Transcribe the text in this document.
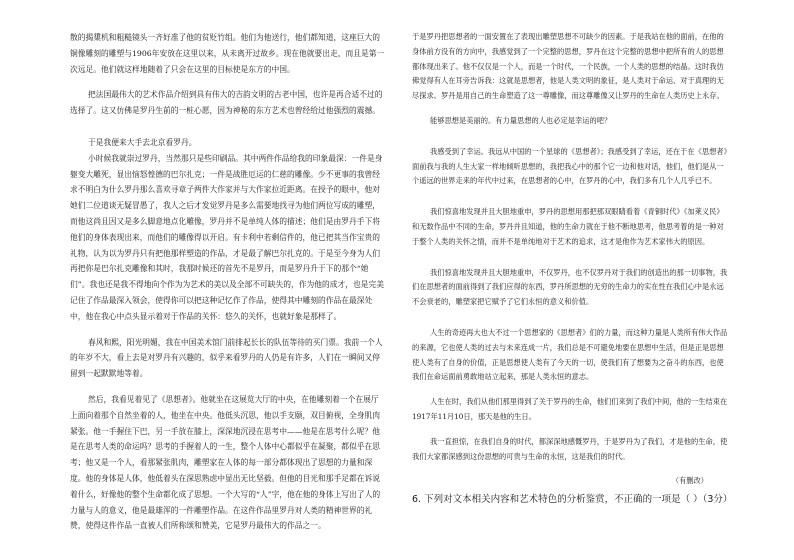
散的揭橥机和粗糙镜头一齐好准了他的贫贬竹组。他们为他送行，他们都知道，这座巨大的铜像雕刻的雕塑与1906年安放在这里以来，从未离开过故乡。现在他就要出走，而且是第一次远足。他们就这样地随着了只会在这里的目标使是东方的中国。

把法国最伟大的艺术作品介绍到具有伟大的吉韵文明的古老中国，也许是再合适不过的选择了。这又仿佛是罗丹生前的一桩心愿，因为神秘的东方艺术也曾经给过他强烈的震撼。

于是我便来大手去北京看罗丹。

小时候我就崇过罗丹，当然那只是些印刷品。其中两件作品给我的印象最深：一件是身躯变大雕死，显出恼怒惶德的巴尔扎克；一件是战胜厄运的仁慈的雕像。少不更事的我曾经求不明白为什么罗丹那么喜欢寻章子两件大作家并与大作家拉近距离。在授予的眼中，他对她们二位道谈无疑冒愚了，我人之后才发觉罗丹是多么需要地找寻为他们两位写成的雕塑，而他这尚且因又是多么脚意地点化雕像，罗丹并不是单纯人体的描述；他们是由罗丹手下将他们的身体表现出来，而他们的雕像得以开启。有卡利中若剩信件的，他已把其当作宝贵的礼物，认为以为罗丹只有把他那样塑造的作品，才是最了解巴尔扎克的。于是至今身为人们再把你是巴尔扎克雕像和其时，我那时候还的首先不是罗丹，而是罗丹升于下的那个“她们”。我也还是我不得地向个作为为艺术的美以及全部不可缺失的，作为他的成才，也是完美记住了作品最深入领会，使得你可以把这种记忆作了作品，使得其中雕刻的作品在最深处中，他在我心中点头显示着对于作品的关怀：悠久的关怀，也就好象是那样了。

春风和熙，阳光明媚，我在中国美术馆门前排起长长的队伍等待的买门票。我前一个人的年岁不大，看上去是对罗丹有兴趣的，似乎来看罗丹的人仍是有许多，人们在一瞬间又停留到一起默默地等着。

然后，我看见着见了《思想者》。他就坐在这展览大厅的中央，在他雕刻着一个在展厅上面向着那个自然坐着的人，他坐在中央。他低头沉思，他以手支颐，双目俯视，全身肌肉紧张。他一手握住下巴，另一手放在膝上，深深地沉浸在思考中——他是在思考什么呢？他是在思考人类的命运吗？思考的手握着人的一生，整个人体中心都似乎在凝聚，都似乎在思考；他又是一个人，看那紧张肌肉，雕塑家在人体的每一部分都体现出了思想的力量和深度。他的身体是人体，他低着头在深思熟虑中显出无比坚毅。但他的目光和那手足都在诉说着什么，好像他的整个生命都化成了思想。一个大写的“人”字，他在他的身体上写出了人的力量与人的意义，他是最雄浑的一件雕塑作品。在这件作品里罗丹对人类的精神世界的礼赞，使得这件作品一直被人们所称颂和赞美，它是罗丹最伟大的作品之一。

于是罗丹把思想者的一面安置在了表现出雕塑思想不可缺少的因素。于是我站在他的面前，在他的身体前方没有的方向中，我感觉到了一个完整的思想，罗丹在这个完整的思想中把所有的人的思想都体现出来了。他不仅仅是一个人，而是一个时代，一个民族，一个人类的思想的结晶。这时我仿佛觉得有人在耳旁告诉我：这就是思想者，他是人类文明的象征，是人类对于命运、对于真理的无尽探求。罗丹是用自己的生命塑造了这一尊雕像，而这尊雕像又让罗丹的生命在人类历史上永存。

能够思想是美丽的。有力量思想的人也必定是幸运的吧？

我感受到了幸运。我远从中国的一个星球的《思想者》；我感受到了幸运，还在于在《思想者》面前我与我的人生大家一样地倾听思想的，我把我心中的那个它一边和他对话，他们，他们是从一个遥远的世界走来的年代中过来，在思想者的心中，在罗丹的心中，我们多有几个人几乎已不。

我们惊喜地发现并且大胆地重申，罗丹的思想用那把那双眼睛看着《青铜时代》《加莱义民》和无数作品中不同的生命，罗丹并且知道，他的生命力就在于他不断地思考，他思考着的是一种对于整个人类的关怀之情，而并不是单纯地对于艺术的追求，这才是他作为艺术家伟大的原因。

我们惊喜地发现并且大胆地重申，不仅罗丹，也不仅罗丹对于我们的创造出的那一切事物，我们在思想者的面前得到了我们应得的东西，罗丹所思想的无穷的生命力的实在性在我们心中是永远不会衰老的，雕塑家把它赋予了它们永恒的意义和价值。

人生的奇迹再大也大不过一个思想家的《思想者》们的力量，而这种力量是人类所有伟大作品的来源，它也使人类的过去与未来连成一片，我们总是不可避免地要在思想中生活，但是正是思想使人类有了自身的价值，正是思想使人类有了今天的一切，使我们有了想要为之奋斗的东西，也使我们在命运面前勇敢地站立起来，那是人类永恒的意志。

人生在时，我们从他们那里得到了关于罗丹的生命，他们们来到了我们中间，他的一生结束在1917年11月10日，那天是他的生日。

我一直担惊，在我们自身的时代，都深深地感慨罗丹，于是罗丹为了我们，才是他的生命，使我们大家都深感到这份思想的可贵与生命的永恒，这是我们的时代。

（有删改）

6. 下列对文本相关内容和艺术特色的分析鉴赏，不正确的一项是（ ）（3分）
